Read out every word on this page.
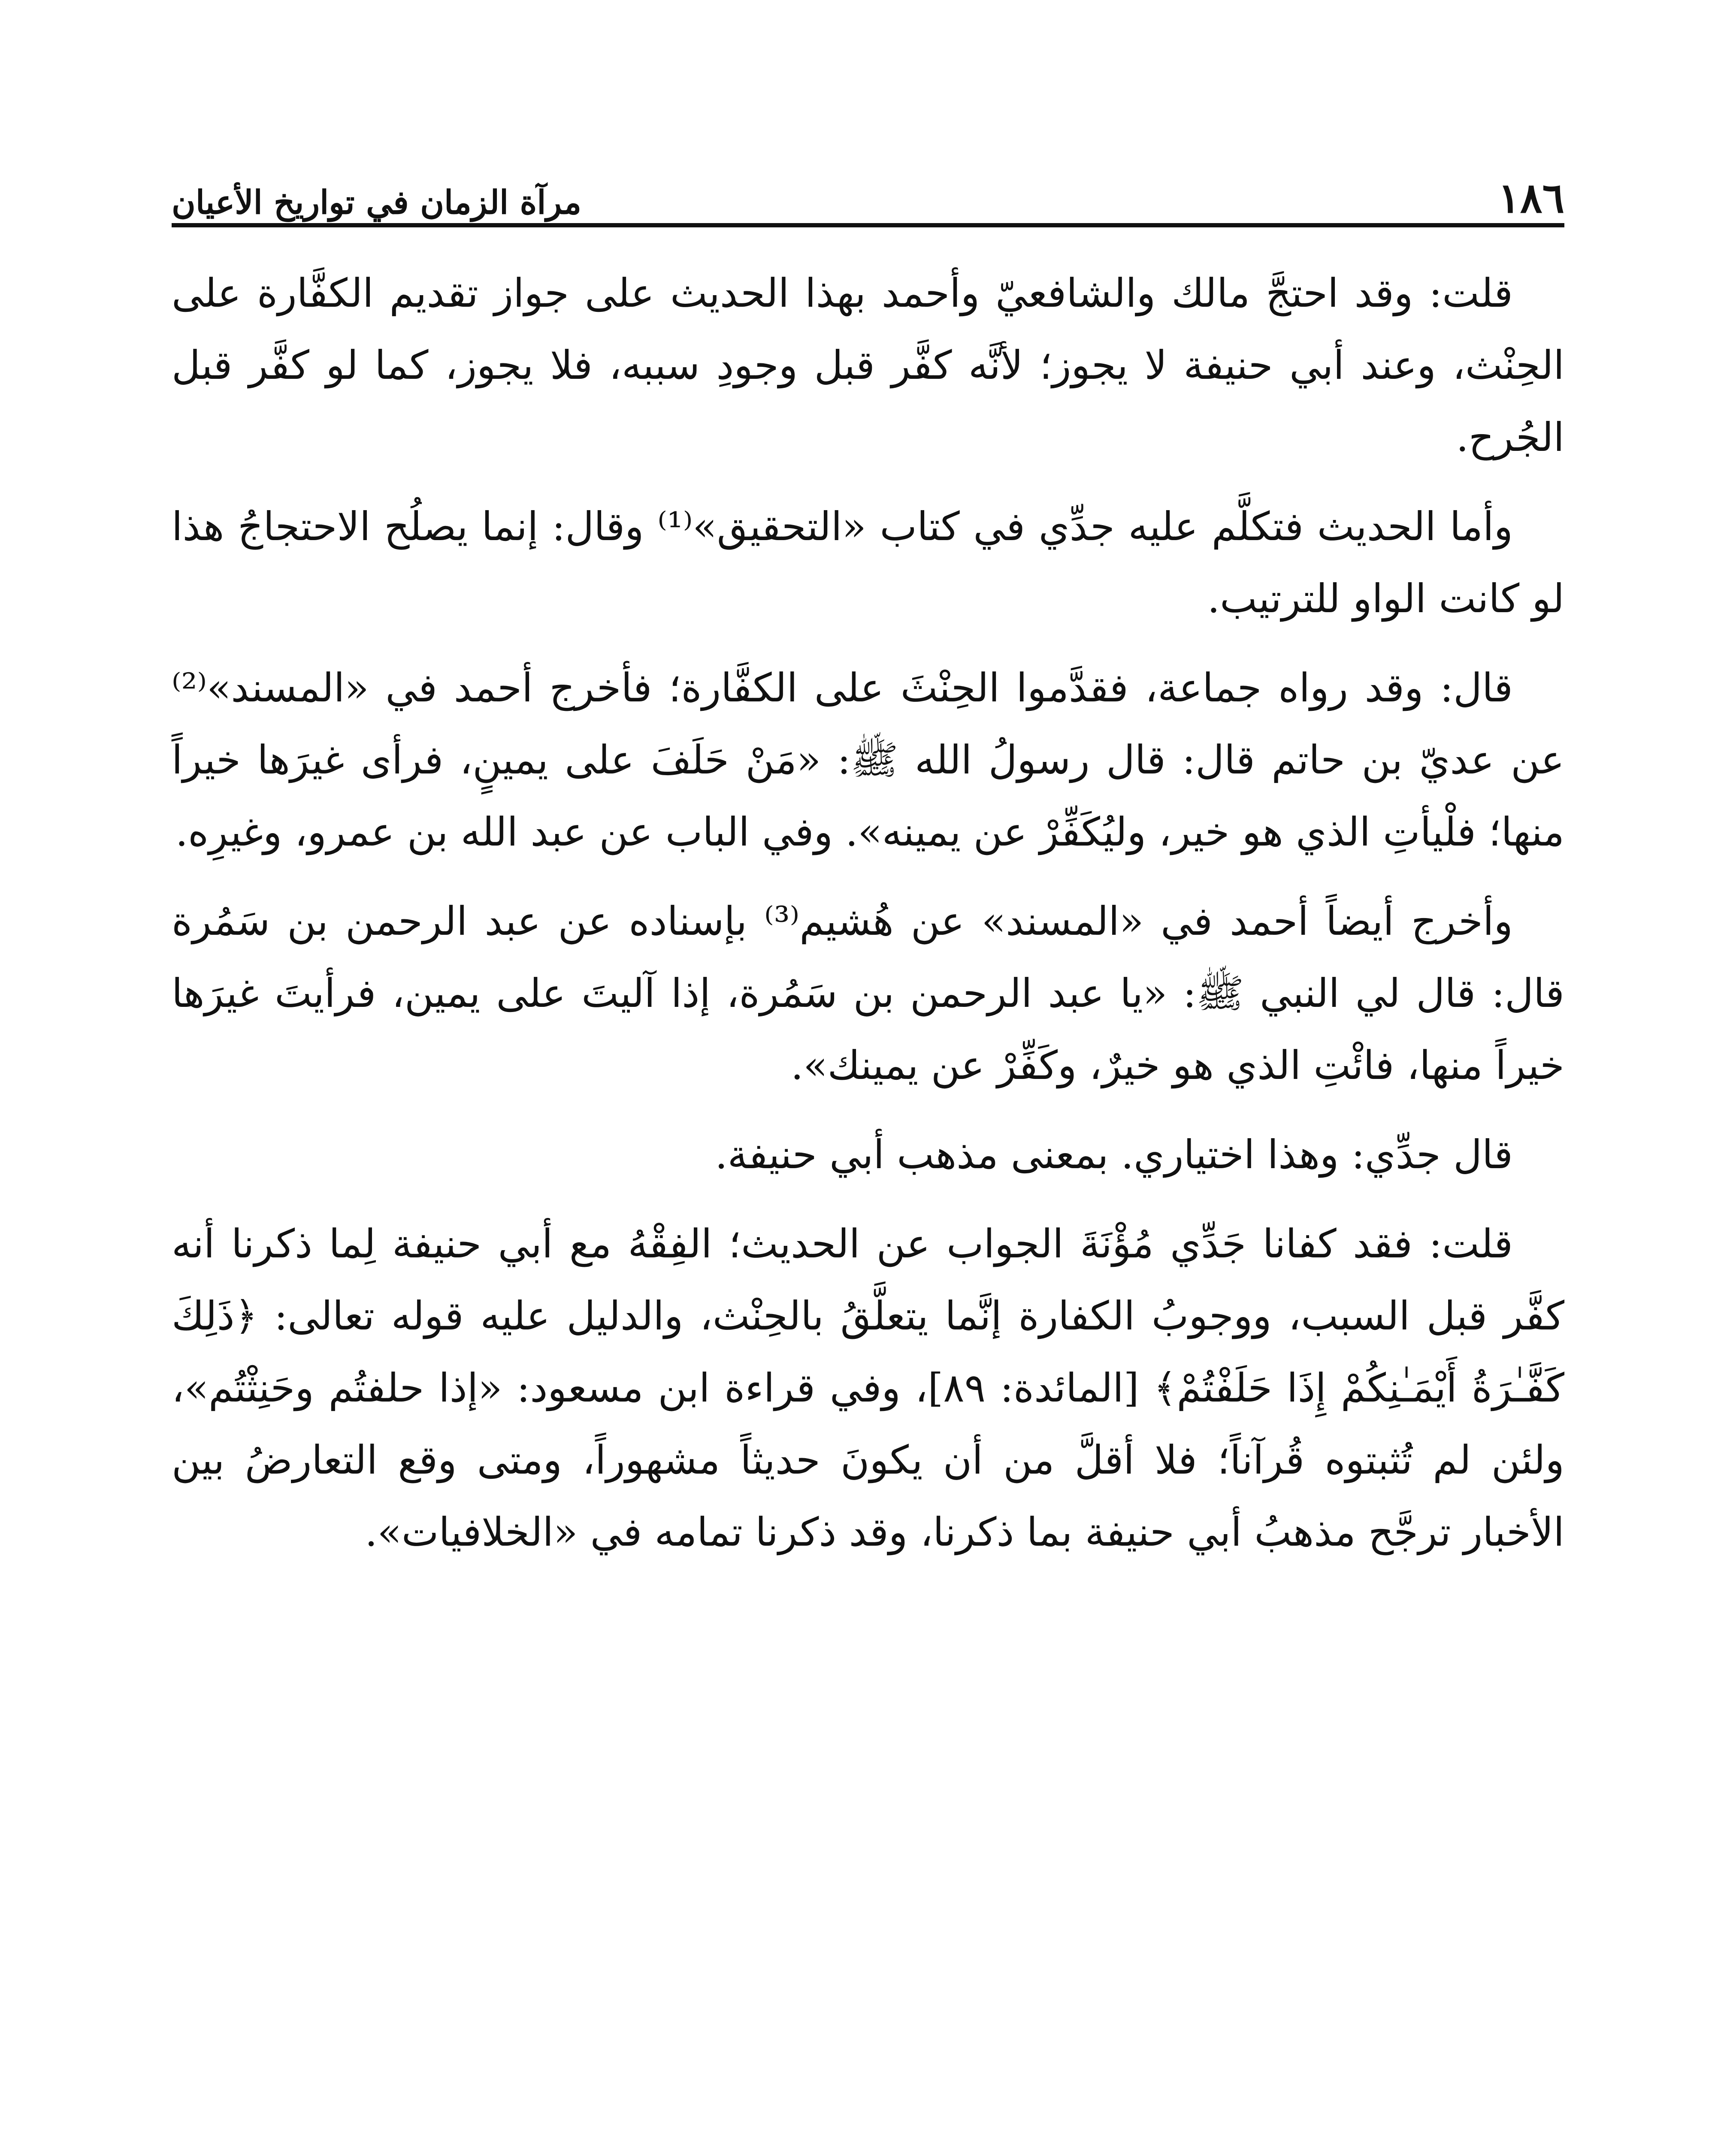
١٨٦
مرآة الزمان في تواريخ الأعيان

قلت: وقد احتجَّ مالك والشافعيّ وأحمد بهذا الحديث على جواز تقديم الكفَّارة على الحِنْث، وعند أبي حنيفة لا يجوز؛ لأنَّه كفَّر قبل وجودِ سببه، فلا يجوز، كما لو كفَّر قبل الجُرح.

وأما الحديث فتكلَّم عليه جدِّي في كتاب «التحقيق»⁽¹⁾ وقال: إنما يصلُح الاحتجاجُ هذا لو كانت الواو للترتيب.

قال: وقد رواه جماعة، فقدَّموا الحِنْثَ على الكفَّارة؛ فأخرج أحمد في «المسند»⁽²⁾ عن عديّ بن حاتم قال: قال رسولُ الله ﷺ: «مَنْ حَلَفَ على يمينٍ، فرأى غيرَها خيراً منها؛ فلْيأتِ الذي هو خير، وليُكَفِّرْ عن يمينه». وفي الباب عن عبد الله بن عمرو، وغيرِه.

وأخرج أيضاً أحمد في «المسند» عن هُشيم⁽³⁾ بإسناده عن عبد الرحمن بن سَمُرة قال: قال لي النبي ﷺ: «يا عبد الرحمن بن سَمُرة، إذا آليتَ على يمين، فرأيتَ غيرَها خيراً منها، فائْتِ الذي هو خيرٌ، وكَفِّرْ عن يمينك».

قال جدِّي: وهذا اختياري. بمعنى مذهب أبي حنيفة.

قلت: فقد كفانا جَدِّي مُؤْنَةَ الجواب عن الحديث؛ الفِقْهُ مع أبي حنيفة لِما ذكرنا أنه كفَّر قبل السبب، ووجوبُ الكفارة إنَّما يتعلَّقُ بالحِنْث، والدليل عليه قوله تعالى: ﴿ذَلِكَ كَفَّـٰرَةُ أَيْمَـٰنِكُمْ إِذَا حَلَفْتُمْ﴾ [المائدة: ٨٩]، وفي قراءة ابن مسعود: «إذا حلفتُم وحَنِثْتُم»، ولئن لم تُثبتوه قُرآناً؛ فلا أقلَّ من أن يكونَ حديثاً مشهوراً، ومتى وقع التعارضُ بين الأخبار ترجَّح مذهبُ أبي حنيفة بما ذكرنا، وقد ذكرنا تمامه في «الخلافيات».
